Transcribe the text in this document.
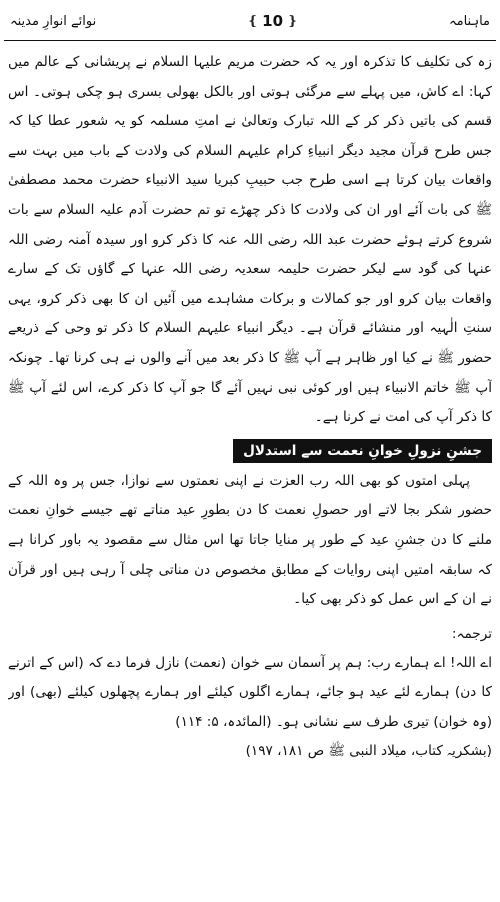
ماہنامہ
❴
10
❵
نوائے انوارِ مدینہ

زہ کی تکلیف کا تذکرہ اور یہ کہ حضرت مریم علیہا السلام نے پریشانی کے عالم میں کہا: اے کاش، میں پہلے سے مرگئی ہوتی اور بالکل بھولی بسری ہو چکی ہوتی۔ اس قسم کی باتیں ذکر کر کے اللہ تبارک وتعالیٰ نے امتِ مسلمہ کو یہ شعور عطا کیا کہ جس طرح قرآن مجید دیگر انبیاءِ کرام علیہم السلام کی ولادت کے باب میں بہت سے واقعات بیان کرتا ہے اسی طرح جب حبیبِ کبریا سید الانبیاء حضرت محمد مصطفیٰ ﷺ کی بات آئے اور ان کی ولادت کا ذکر چھڑے تو تم حضرت آدم علیہ السلام سے بات شروع کرتے ہوئے حضرت عبد اللہ رضی اللہ عنہ کا ذکر کرو اور سیدہ آمنہ رضی اللہ عنہا کی گود سے لیکر حضرت حلیمہ سعدیہ رضی اللہ عنہا کے گاؤں تک کے سارے واقعات بیان کرو اور جو کمالات و برکات مشاہدے میں آئیں ان کا بھی ذکر کرو، یہی سنتِ الٰہیہ اور منشائے قرآن ہے۔ دیگر انبیاء علیہم السلام کا ذکر تو وحی کے ذریعے حضور ﷺ نے کیا اور ظاہر ہے آپ ﷺ کا ذکر بعد میں آنے والوں نے ہی کرنا تھا۔ چونکہ آپ ﷺ خاتم الانبیاء ہیں اور کوئی نبی نہیں آئے گا جو آپ کا ذکر کرے، اس لئے آپ ﷺ کا ذکر آپ کی امت نے کرنا ہے۔

جشنِ نزولِ خوانِ نعمت سے استدلال

پہلی امتوں کو بھی اللہ رب العزت نے اپنی نعمتوں سے نوازا، جس پر وہ اللہ کے حضور شکر بجا لاتے اور حصولِ نعمت کا دن بطورِ عید مناتے تھے جیسے خوانِ نعمت ملنے کا دن جشنِ عید کے طور پر منایا جاتا تھا اس مثال سے مقصود یہ باور کرانا ہے کہ سابقہ امتیں اپنی روایات کے مطابق مخصوص دن مناتی چلی آ رہی ہیں اور قرآن نے ان کے اس عمل کو ذکر بھی کیا۔

ترجمہ:

اے اللہ! اے ہمارے رب: ہم پر آسمان سے خوان (نعمت) نازل فرما دے کہ (اس کے اترنے کا دن) ہمارے لئے عید ہو جائے، ہمارے اگلوں کیلئے اور ہمارے پچھلوں کیلئے (بھی) اور (وہ خوان) تیری طرف سے نشانی ہو۔ (المائدہ، ۵: ۱۱۴)

(بشکریہ کتاب، میلاد النبی ﷺ ص ۱۸۱، ۱۹۷)
